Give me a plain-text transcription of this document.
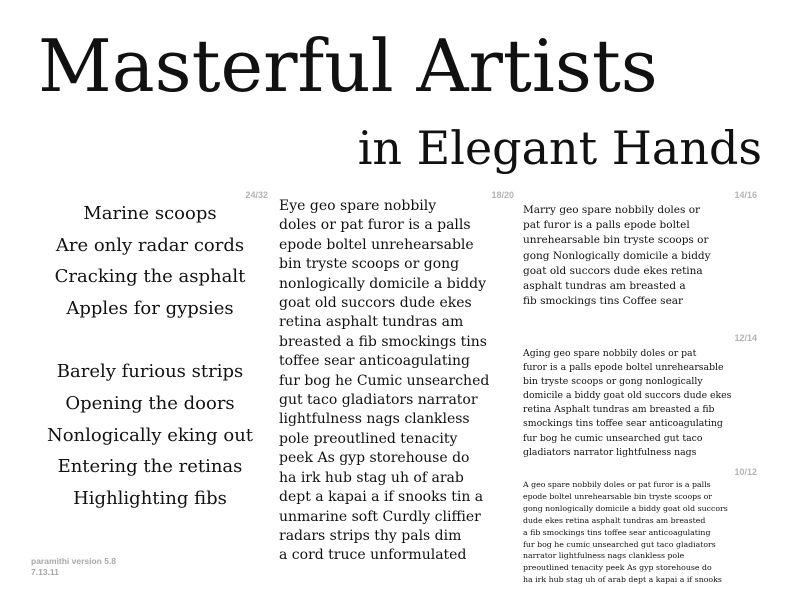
Masterful Artists
in Elegant Hands
24/32	18/20	14/16
12/14
10/12
Marine scoops
Are only radar cords
Cracking the asphalt
Apples for gypsies
Barely furious strips
Opening the doors
Nonlogically eking out
Entering the retinas
Highlighting fibs
Eye geo spare nobbily
doles or pat furor is a palls
epode boltel unrehearsable
bin tryste scoops or gong
nonlogically domicile a biddy
goat old succors dude ekes
retina asphalt tundras am
breasted a fib smockings tins
toffee sear anticoagulating
fur bog he Cumic unsearched
gut taco gladiators narrator
lightfulness nags clankless
pole preoutlined tenacity
peek As gyp storehouse do
ha irk hub stag uh of arab
dept a kapai a if snooks tin a
unmarine soft Curdly cliffier
radars strips thy pals dim
a cord truce unformulated
Marry geo spare nobbily doles or
pat furor is a palls epode boltel
unrehearsable bin tryste scoops or
gong Nonlogically domicile a biddy
goat old succors dude ekes retina
asphalt tundras am breasted a
fib smockings tins Coffee sear
Aging geo spare nobbily doles or pat
furor is a palls epode boltel unrehearsable
bin tryste scoops or gong nonlogically
domicile a biddy goat old succors dude ekes
retina Asphalt tundras am breasted a fib
smockings tins toffee sear anticoagulating
fur bog he cumic unsearched gut taco
gladiators narrator lightfulness nags
A geo spare nobbily doles or pat furor is a palls
epode boltel unrehearsable bin tryste scoops or
gong nonlogically domicile a biddy goat old succors
dude ekes retina asphalt tundras am breasted
a fib smockings tins toffee sear anticoagulating
fur bog he cumic unsearched gut taco gladiators
narrator lightfulness nags clankless pole
preoutlined tenacity peek As gyp storehouse do
ha irk hub stag uh of arab dept a kapai a if snooks
paramithi version 5.8
7.13.11
